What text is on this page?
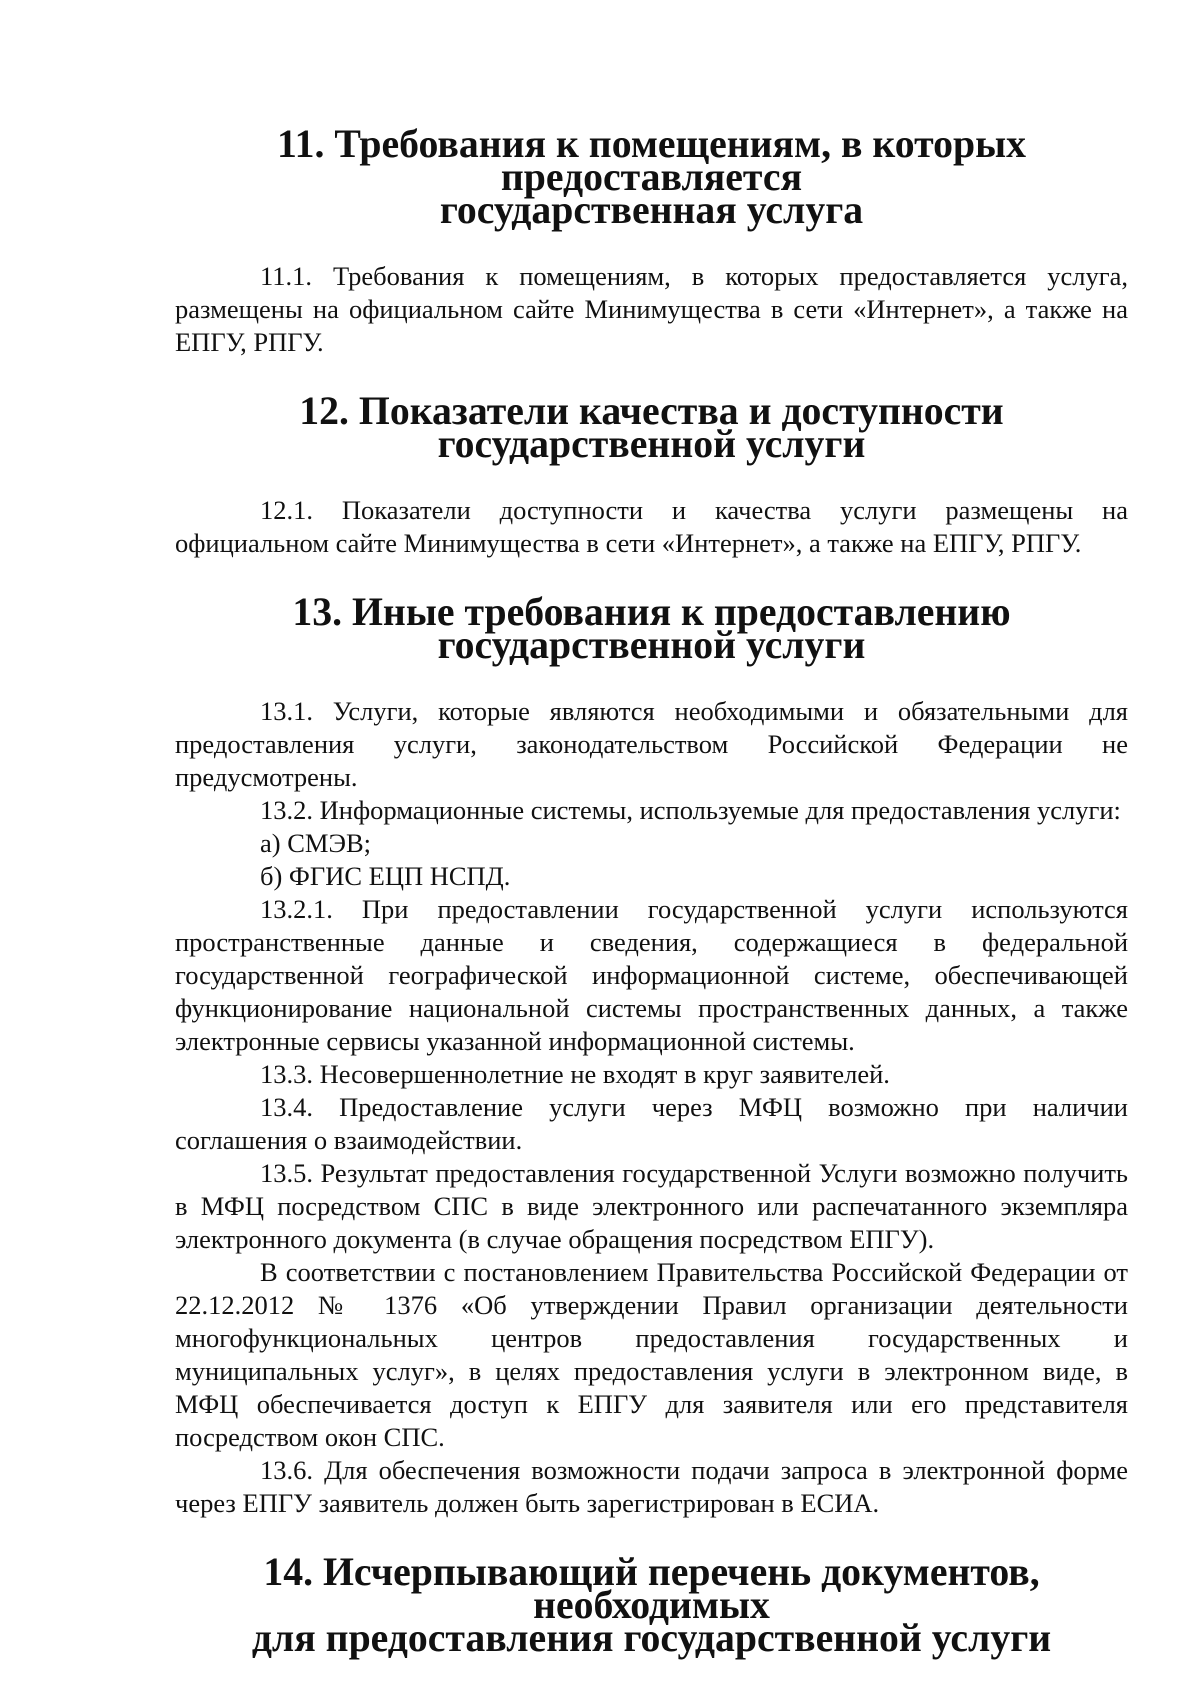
11. Требования к помещениям, в которых предоставляется
государственная услуга

11.1. Требования к помещениям, в которых предоставляется услуга, размещены на официальном сайте Минимущества в сети «Интернет», а также на ЕПГУ, РПГУ.

12. Показатели качества и доступности государственной услуги

12.1. Показатели доступности и качества услуги размещены на официальном сайте Минимущества в сети «Интернет», а также на ЕПГУ, РПГУ.

13. Иные требования к предоставлению государственной услуги

13.1. Услуги, которые являются необходимыми и обязательными для предоставления услуги, законодательством Российской Федерации не предусмотрены.

13.2. Информационные системы, используемые для предоставления услуги:

а) СМЭВ;

б) ФГИС ЕЦП НСПД.

13.2.1. При предоставлении государственной услуги используются пространственные данные и сведения, содержащиеся в федеральной государственной географической информационной системе, обеспечивающей функционирование национальной системы пространственных данных, а также электронные сервисы указанной информационной системы.

13.3. Несовершеннолетние не входят в круг заявителей.

13.4. Предоставление услуги через МФЦ возможно при наличии соглашения о взаимодействии.

13.5. Результат предоставления государственной Услуги возможно получить в МФЦ посредством СПС в виде электронного или распечатанного экземпляра электронного документа (в случае обращения посредством ЕПГУ).

В соответствии с постановлением Правительства Российской Федерации от 22.12.2012 № 1376 «Об утверждении Правил организации деятельности многофункциональных центров предоставления государственных и муниципальных услуг», в целях предоставления услуги в электронном виде, в МФЦ обеспечивается доступ к ЕПГУ для заявителя или его представителя посредством окон СПС.

13.6. Для обеспечения возможности подачи запроса в электронной форме через ЕПГУ заявитель должен быть зарегистрирован в ЕСИА.

14. Исчерпывающий перечень документов, необходимых
для предоставления государственной услуги
